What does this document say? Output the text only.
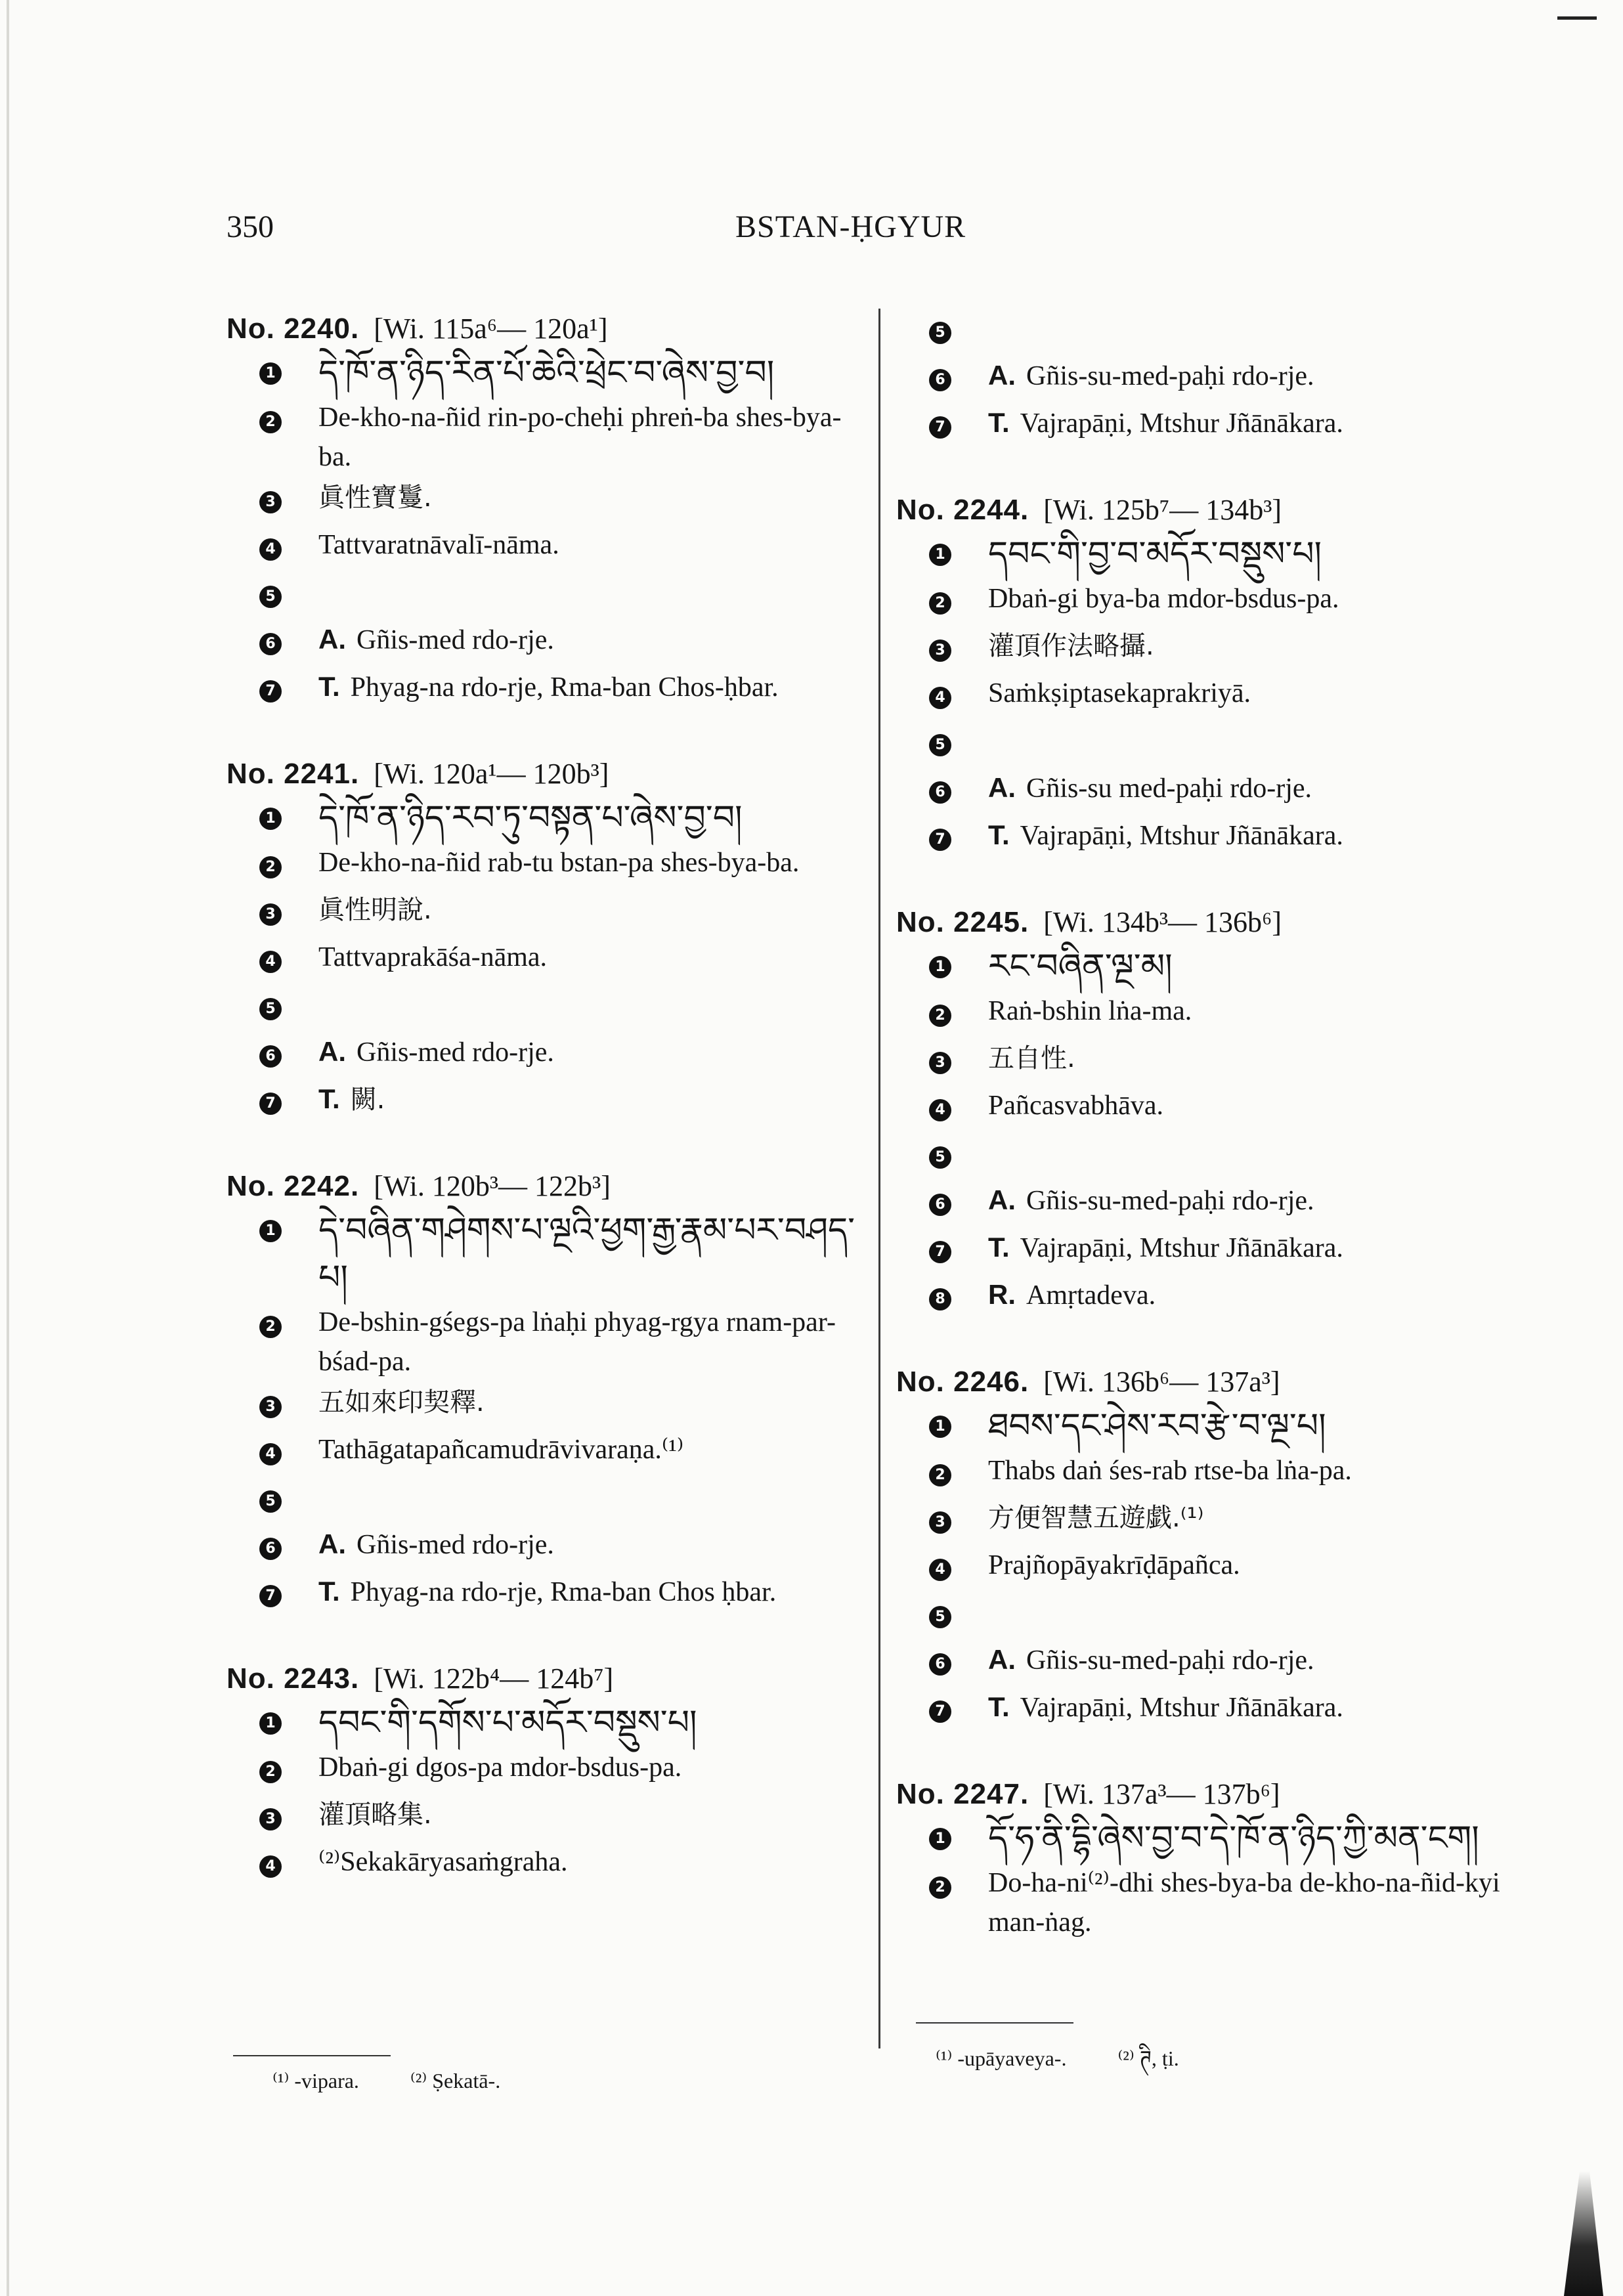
350	BSTAN-ḤGYUR
No. 2240. [Wi. 115a⁶— 120a¹]
1 དེ་ཁོ་ན་ཉིད་རིན་པོ་ཆེའི་ཕྲེང་བ་ཞེས་བྱ་བ།
2 De-kho-na-ñid rin-po-cheḥi phreṅ-ba shes-bya-ba.
3 眞性寶鬘.
4 Tattvaratnāvalī-nāma.
5
6 A. Gñis-med rdo-rje.
7 T. Phyag-na rdo-rje, Rma-ban Chos-ḥbar.
No. 2241. [Wi. 120a¹— 120b³]
1 དེ་ཁོ་ན་ཉིད་རབ་ཏུ་བསྟན་པ་ཞེས་བྱ་བ།
2 De-kho-na-ñid rab-tu bstan-pa shes-bya-ba.
3 眞性明說.
4 Tattvaprakāśa-nāma.
5
6 A. Gñis-med rdo-rje.
7 T. 闕.
No. 2242. [Wi. 120b³— 122b³]
1 དེ་བཞིན་གཤེགས་པ་ལྔའི་ཕྱག་རྒྱ་རྣམ་པར་བཤད་པ།
2 De-bshin-gśegs-pa lṅaḥi phyag-rgya rnam-par-bśad-pa.
3 五如來印契釋.
4 Tathāgatapañcamudrāvivaraṇa.⁽¹⁾
5
6 A. Gñis-med rdo-rje.
7 T. Phyag-na rdo-rje, Rma-ban Chos ḥbar.
No. 2243. [Wi. 122b⁴— 124b⁷]
1 དབང་གི་དགོས་པ་མདོར་བསྡུས་པ།
2 Dbaṅ-gi dgos-pa mdor-bsdus-pa.
3 灌頂略集.
4 ⁽²⁾Sekakāryasaṁgraha.
5
6 A. Gñis-su-med-paḥi rdo-rje.
7 T. Vajrapāṇi, Mtshur Jñānākara.
No. 2244. [Wi. 125b⁷— 134b³]
1 དབང་གི་བྱ་བ་མདོར་བསྡུས་པ།
2 Dbaṅ-gi bya-ba mdor-bsdus-pa.
3 灌頂作法略攝.
4 Saṁkṣiptasekaprakriyā.
5
6 A. Gñis-su med-paḥi rdo-rje.
7 T. Vajrapāṇi, Mtshur Jñānākara.
No. 2245. [Wi. 134b³— 136b⁶]
1 རང་བཞིན་ལྔ་མ།
2 Raṅ-bshin lṅa-ma.
3 五自性.
4 Pañcasvabhāva.
5
6 A. Gñis-su-med-paḥi rdo-rje.
7 T. Vajrapāṇi, Mtshur Jñānākara.
8 R. Amṛtadeva.
No. 2246. [Wi. 136b⁶— 137a³]
1 ཐབས་དང་ཤེས་རབ་རྩེ་བ་ལྔ་པ།
2 Thabs daṅ śes-rab rtse-ba lṅa-pa.
3 方便智慧五遊戯.⁽¹⁾
4 Prajñopāyakrīḍāpañca.
5
6 A. Gñis-su-med-paḥi rdo-rje.
7 T. Vajrapāṇi, Mtshur Jñānākara.
No. 2247. [Wi. 137a³— 137b⁶]
1 དོ་ཧ་ནི་དྷི་ཞེས་བྱ་བ་དེ་ཁོ་ན་ཉིད་ཀྱི་མན་ངག།
2 Do-ha-ni⁽²⁾-dhi shes-bya-ba de-kho-na-ñid-kyi man-ṅag.
⁽¹⁾ -vipara. ⁽²⁾ Ṣekatā-.
⁽¹⁾ -upāyaveya-. ⁽²⁾ ཊི, ṭi.
